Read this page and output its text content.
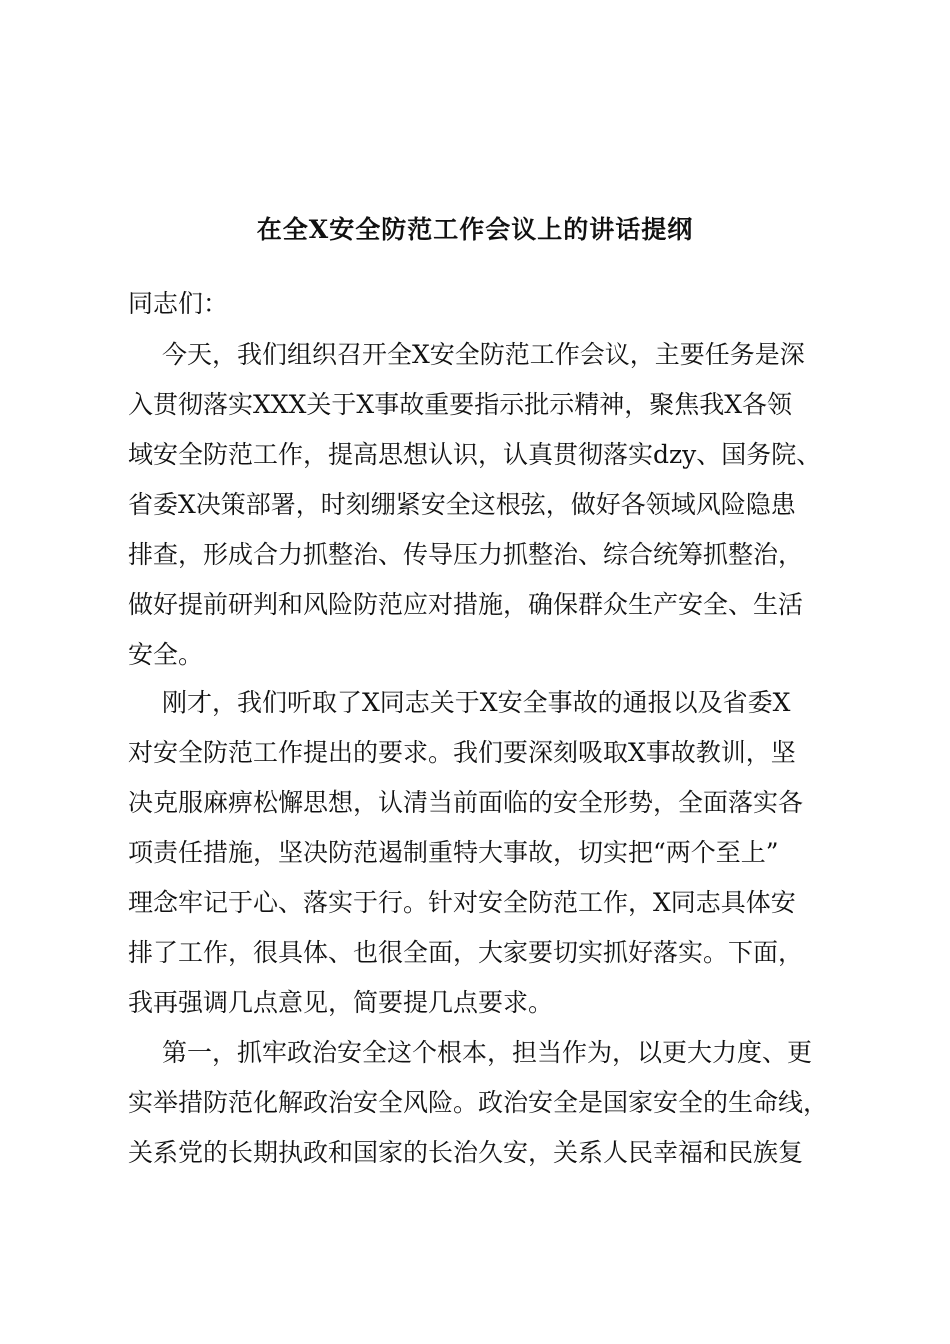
在全X安全防范工作会议上的讲话提纲
同志们：
今天，我们组织召开全X安全防范工作会议，主要任务是深
入贯彻落实XXX关于X事故重要指示批示精神，聚焦我X各领
域安全防范工作，提高思想认识，认真贯彻落实dzy、国务院、
省委X决策部署，时刻绷紧安全这根弦，做好各领域风险隐患
排查，形成合力抓整治、传导压力抓整治、综合统筹抓整治，
做好提前研判和风险防范应对措施，确保群众生产安全、生活
安全。
刚才，我们听取了X同志关于X安全事故的通报以及省委X
对安全防范工作提出的要求。我们要深刻吸取X事故教训，坚
决克服麻痹松懈思想，认清当前面临的安全形势，全面落实各
项责任措施，坚决防范遏制重特大事故，切实把“两个至上”
理念牢记于心、落实于行。针对安全防范工作，X同志具体安
排了工作，很具体、也很全面，大家要切实抓好落实。下面，
我再强调几点意见，简要提几点要求。
第一，抓牢政治安全这个根本，担当作为，以更大力度、更
实举措防范化解政治安全风险。政治安全是国家安全的生命线，
关系党的长期执政和国家的长治久安，关系人民幸福和民族复
